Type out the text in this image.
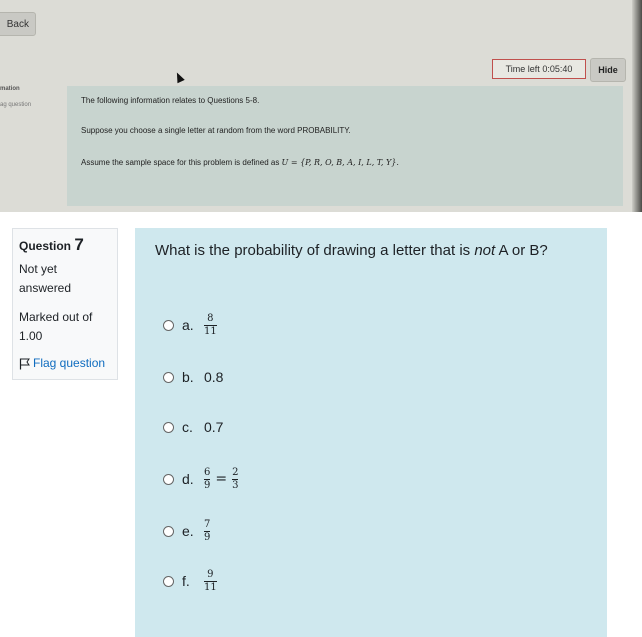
Back
Time left 0:05:40	Hide
mation
ag question	The following information relates to Questions 5-8.
Suppose you choose a single letter at random from the word PROBABILITY.
Assume the sample space for this problem is defined as U = {P, R, O, B, A, I, L, T, Y}.
Question 7
Not yet answered
Marked out of 1.00
Flag question
What is the probability of drawing a letter that is not A or B?
a.	$\frac{8}{11}$
b. 0.8
c. 0.7
d.	$\frac{6}{9} = \frac{2}{3}$
e.	$\frac{7}{9}$
f.	$\frac{9}{11}$
